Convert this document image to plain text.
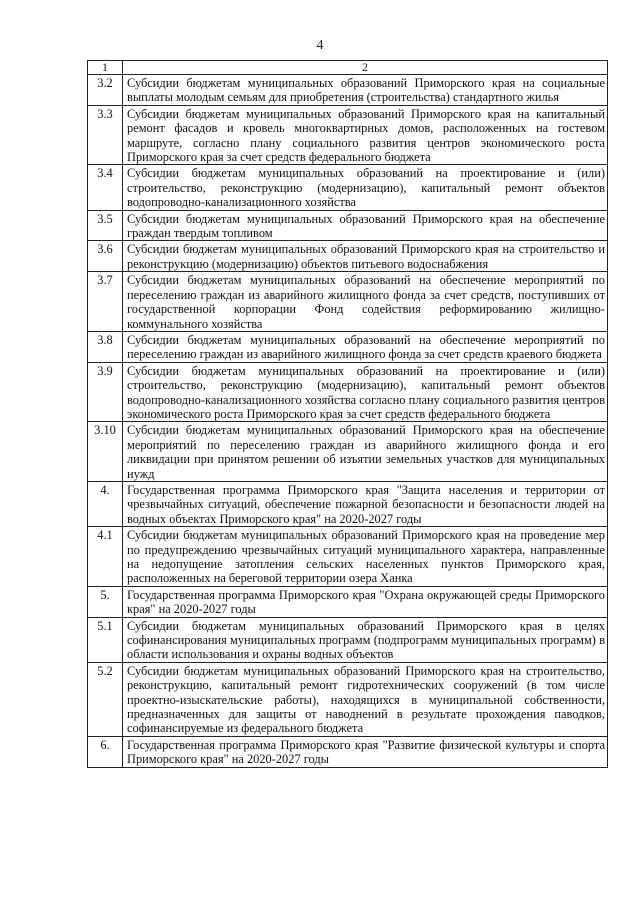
4
1	2
3.2	Субсидии бюджетам муниципальных образований Приморского края на социальные выплаты молодым семьям для приобретения (строительства) стандартного жилья
3.3	Субсидии бюджетам муниципальных образований Приморского края на капитальный ремонт фасадов и кровель многоквартирных домов, расположенных на гостевом маршруте, согласно плану социального развития центров экономического роста Приморского края за счет средств федерального бюджета
3.4	Субсидии бюджетам муниципальных образований на проектирование и (или) строительство, реконструкцию (модернизацию), капитальный ремонт объектов водопроводно-канализационного хозяйства
3.5	Субсидии бюджетам муниципальных образований Приморского края на обеспечение граждан твердым топливом
3.6	Субсидии бюджетам муниципальных образований Приморского края на строительство и реконструкцию (модернизацию) объектов питьевого водоснабжения
3.7	Субсидии бюджетам муниципальных образований на обеспечение мероприятий по переселению граждан из аварийного жилищного фонда за счет средств, поступивших от государственной корпорации Фонд содействия реформированию жилищно-коммунального хозяйства
3.8	Субсидии бюджетам муниципальных образований на обеспечение мероприятий по переселению граждан из аварийного жилищного фонда за счет средств краевого бюджета
3.9	Субсидии бюджетам муниципальных образований на проектирование и (или) строительство, реконструкцию (модернизацию), капитальный ремонт объектов водопроводно-канализационного хозяйства согласно плану социального развития центров экономического роста Приморского края за счет средств федерального бюджета
3.10	Субсидии бюджетам муниципальных образований Приморского края на обеспечение мероприятий по переселению граждан из аварийного жилищного фонда и его ликвидации при принятом решении об изъятии земельных участков для муниципальных нужд
4.	Государственная программа Приморского края "Защита населения и территории от чрезвычайных ситуаций, обеспечение пожарной безопасности и безопасности людей на водных объектах Приморского края" на 2020-2027 годы
4.1	Субсидии бюджетам муниципальных образований Приморского края на проведение мер по предупреждению чрезвычайных ситуаций муниципального характера, направленные на недопущение затопления сельских населенных пунктов Приморского края, расположенных на береговой территории озера Ханка
5.	Государственная программа Приморского края "Охрана окружающей среды Приморского края" на 2020-2027 годы
5.1	Субсидии бюджетам муниципальных образований Приморского края в целях софинансирования муниципальных программ (подпрограмм муниципальных программ) в области использования и охраны водных объектов
5.2	Субсидии бюджетам муниципальных образований Приморского края на строительство, реконструкцию, капитальный ремонт гидротехнических сооружений (в том числе проектно-изыскательские работы), находящихся в муниципальной собственности, предназначенных для защиты от наводнений в результате прохождения паводков, софинансируемые из федерального бюджета
6.	Государственная программа Приморского края "Развитие физической культуры и спорта Приморского края" на 2020-2027 годы
